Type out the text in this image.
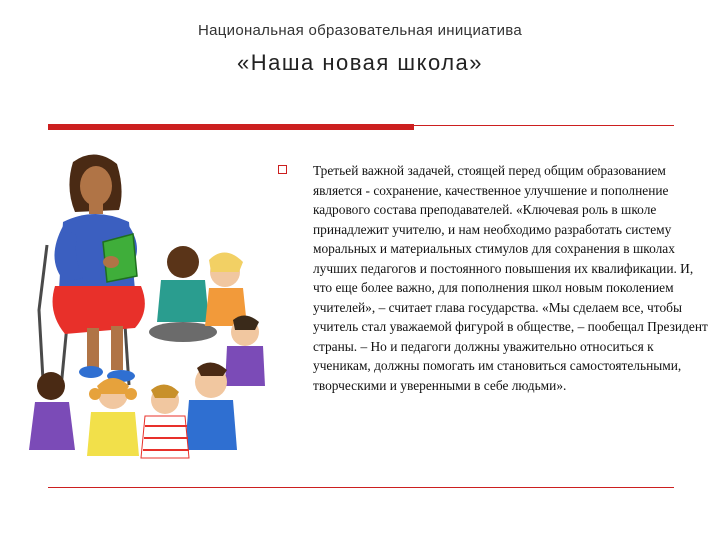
Национальная образовательная инициатива
«Наша новая школа»
Третьей важной задачей, стоящей перед общим образованием является - сохранение, качественное улучшение и пополнение кадрового состава преподавателей. «Ключевая роль в школе принадлежит учителю, и нам необходимо разработать систему моральных и материальных стимулов для сохранения в школах лучших педагогов и постоянного повышения их квалификации. И, что еще более важно, для пополнения школ новым поколением учителей», – считает глава государства. «Мы сделаем все, чтобы учитель стал уважаемой фигурой в обществе, – пообещал Президент страны. – Но и педагоги должны уважительно относиться к ученикам, должны помогать им становиться самостоятельными, творческими и уверенными в себе людьми».
